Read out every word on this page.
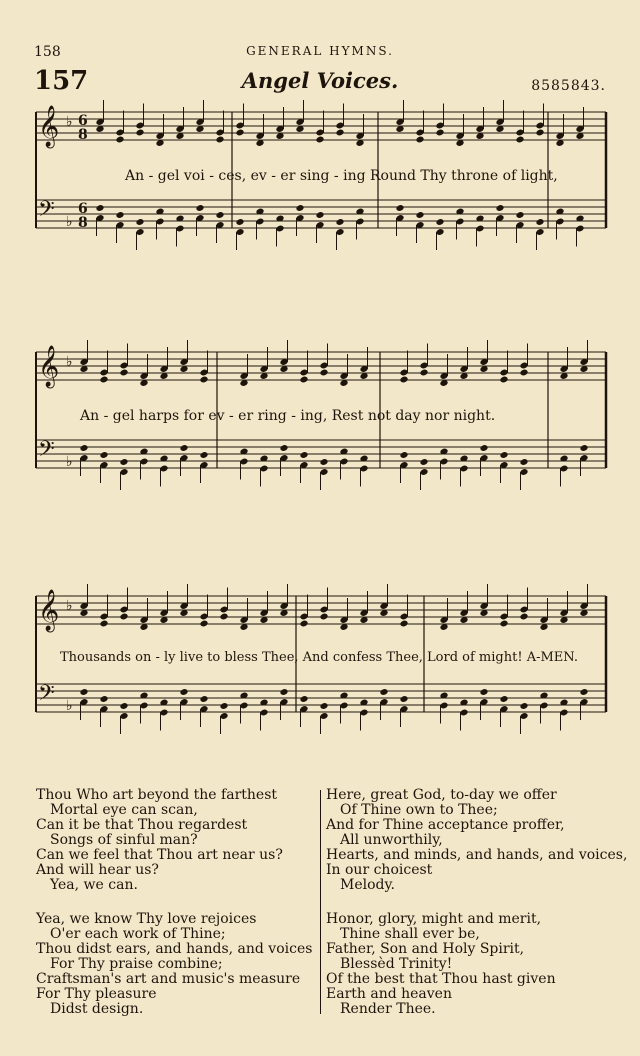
158	GENERAL HYMNS.
157	Angel Voices.	8585843.
𝄞 ♭ 6
8
𝄢 ♭
6
8
𝄞 ♭
𝄢 ♭
𝄞 ♭
𝄢 ♭
An - gel voi - ces, ev - er sing - ing Round Thy throne of light,
An - gel harps for ev - er ring - ing, Rest not day nor night.
Thousands on - ly live to bless Thee, And confess Thee, Lord of might! A-MEN.
Thou Who art beyond the farthest
Mortal eye can scan,
Can it be that Thou regardest
Songs of sinful man?
Can we feel that Thou art near us?
And will hear us?
Yea, we can.
Yea, we know Thy love rejoices
O'er each work of Thine;
Thou didst ears, and hands, and voices
For Thy praise combine;
Craftsman's art and music's measure
For Thy pleasure
Didst design.
Here, great God, to-day we offer
Of Thine own to Thee;
And for Thine acceptance proffer,
All unworthily,
Hearts, and minds, and hands, and voices,
In our choicest
Melody.
Honor, glory, might and merit,
Thine shall ever be,
Father, Son and Holy Spirit,
Blessèd Trinity!
Of the best that Thou hast given
Earth and heaven
Render Thee.
